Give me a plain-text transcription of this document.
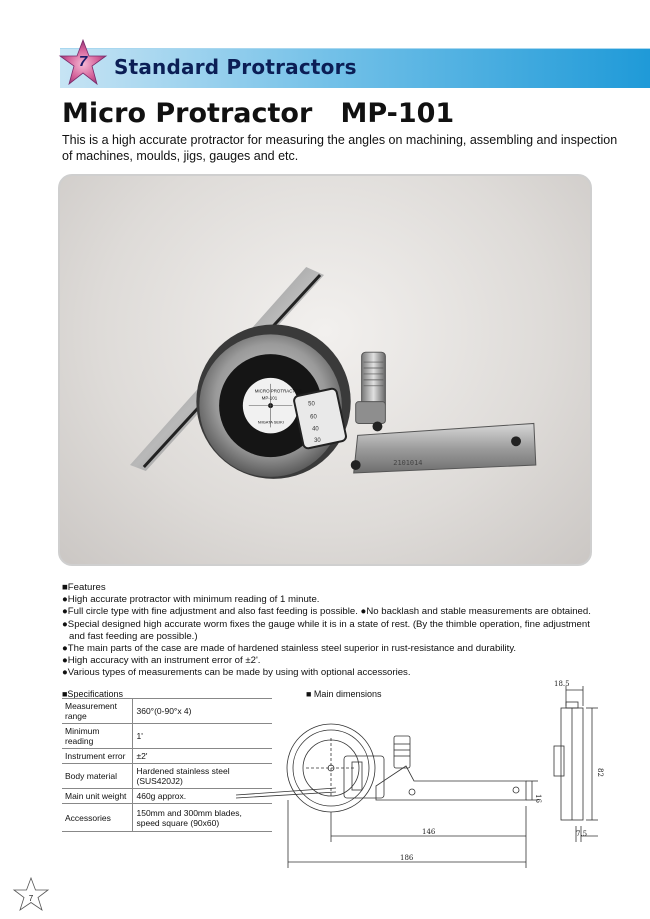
7	Standard Protractors
Micro Protractor   MP-101
This is a high accurate protractor for measuring the angles on machining, assembling and inspection of machines, moulds, jigs, gauges and etc.
2101014
MICRO PROTRACTOR
MP-101
NIIGATA SEIKI
50
60
40
30

■Features

●High accurate protractor with minimum reading of 1 minute.

●Full circle type with fine adjustment and also fast feeding is possible. ●No backlash and stable measurements are obtained.

●Special designed high accurate worm fixes the gauge while it is in a state of rest. (By the thimble operation, fine adjustment

and fast feeding are possible.)

●The main parts of the case are made of hardened stainless steel superior in rust-resistance and durability.

●High accuracy with an instrument error of ±2'.

●Various types of measurements can be made by using with optional accessories.

■Specifications
Measurement range	360°(0-90°x 4)
Minimum reading	1'
Instrument error	±2'
Body material	Hardened stainless steel (SUS420J2)
Main unit weight	460g approx.
Accessories	150mm and 300mm blades,
speed square (90x60)
■ Main dimensions
18.5
82
16
7.5
146
186
7
